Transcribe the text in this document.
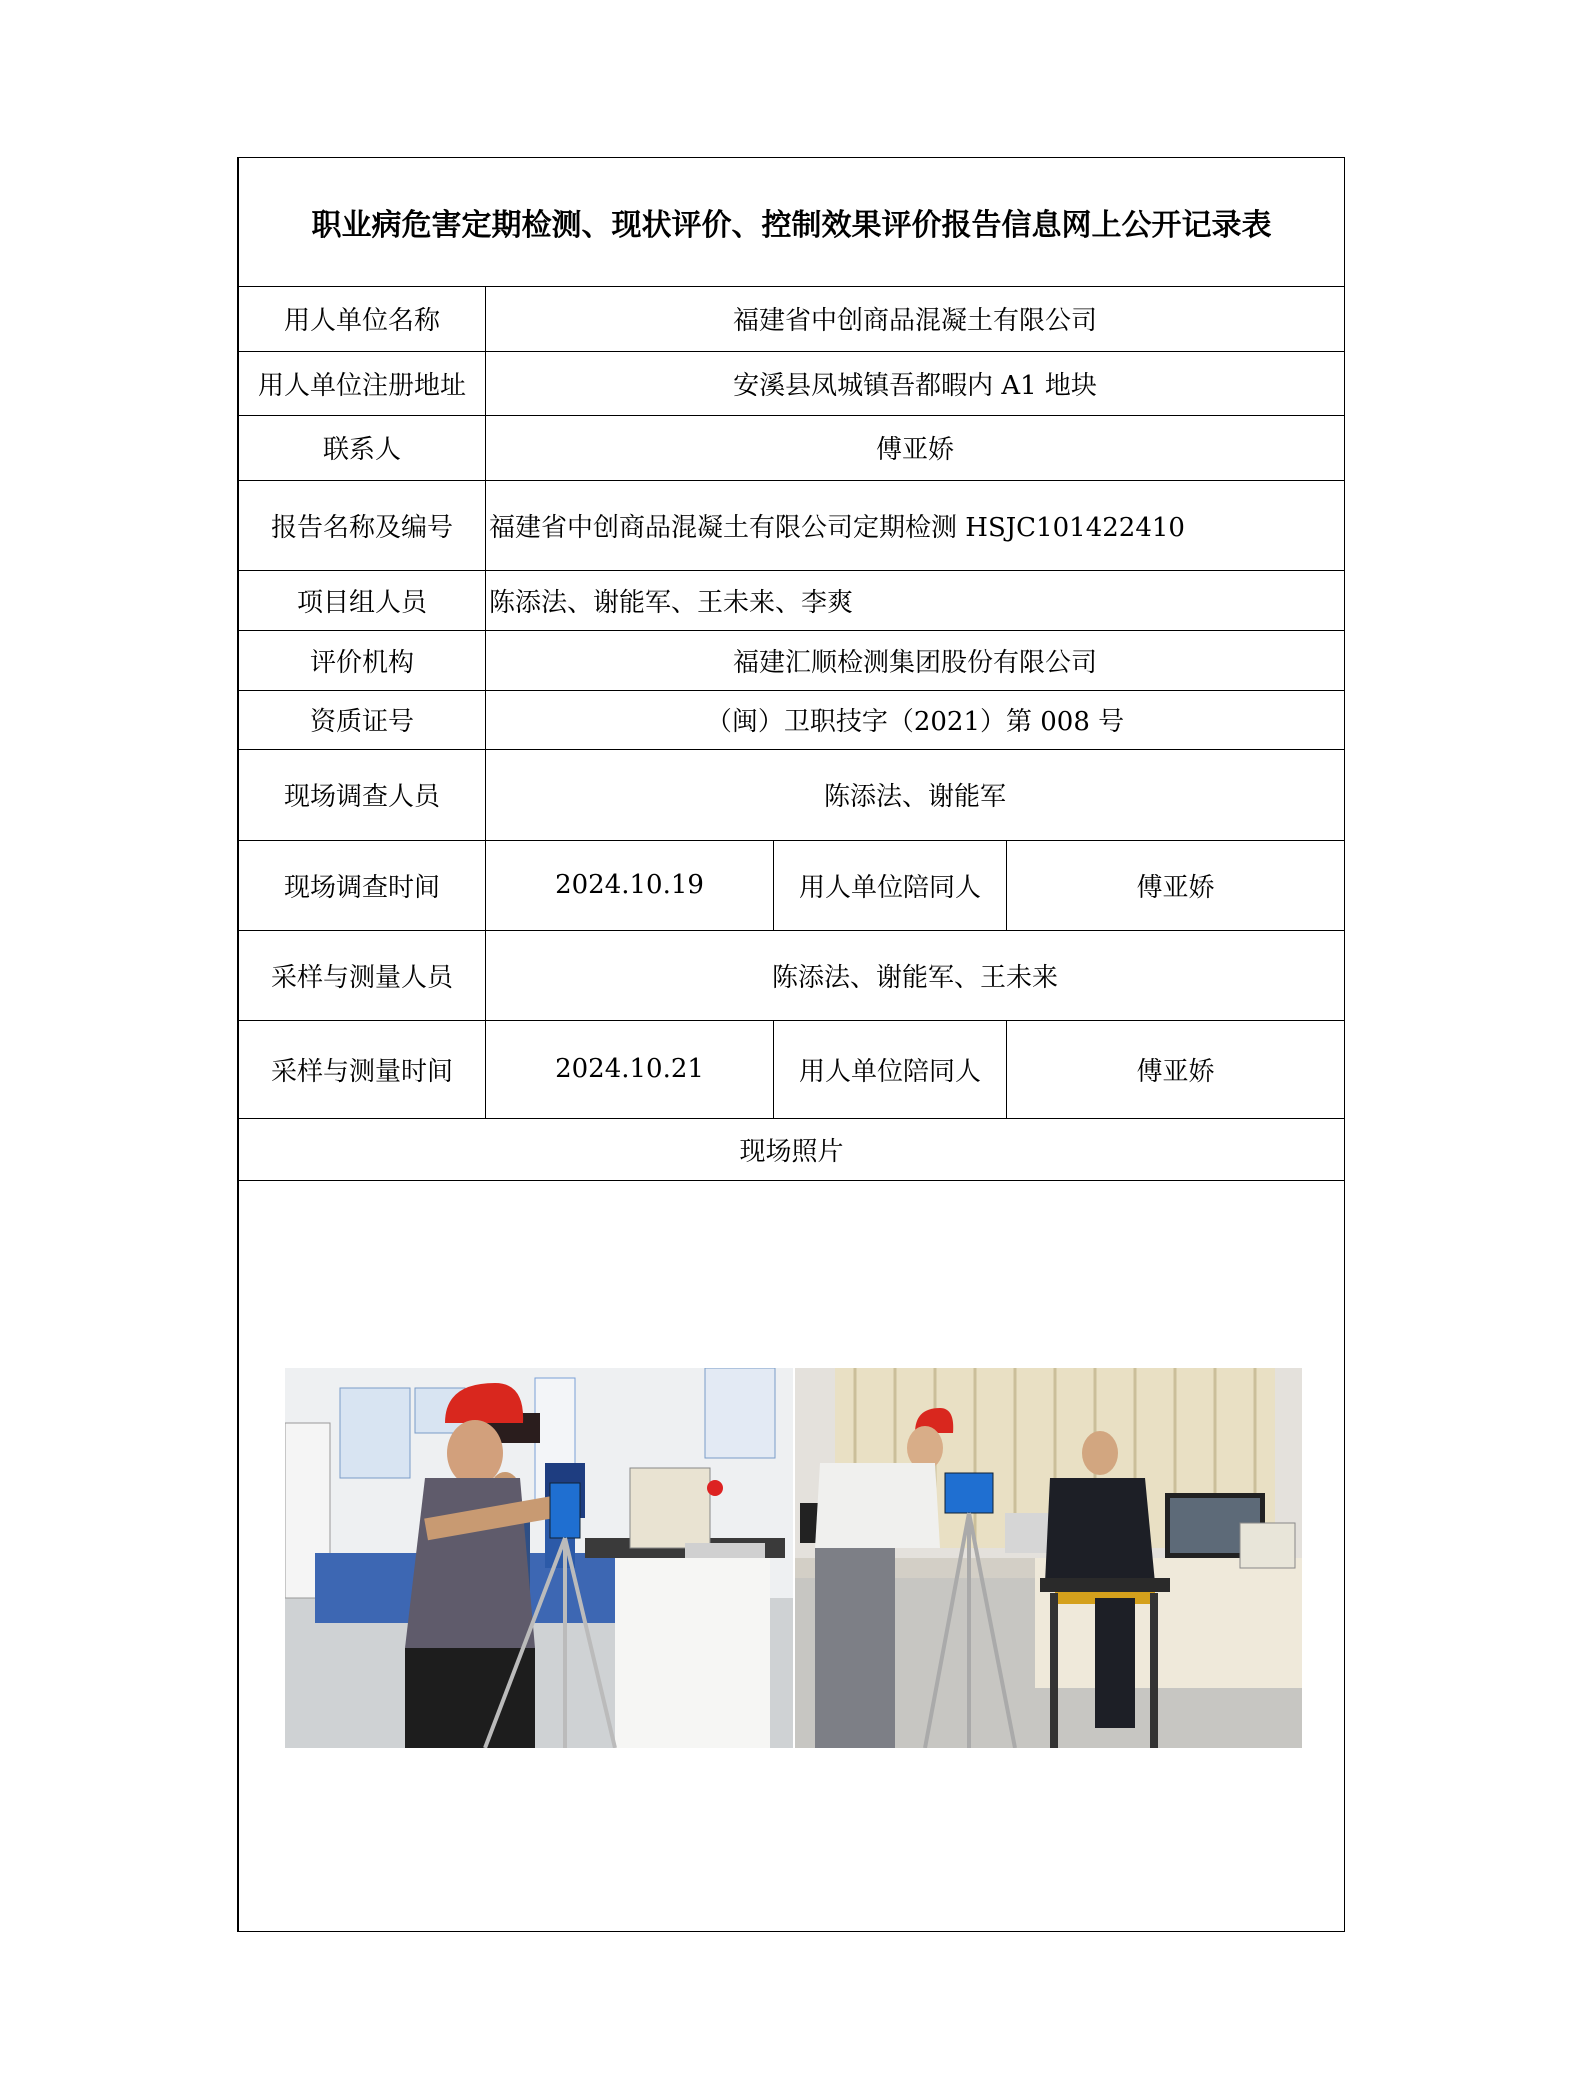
职业病危害定期检测、现状评价、控制效果评价报告信息网上公开记录表			
用人单位名称	福建省中创商品混凝土有限公司		
用人单位注册地址	安溪县凤城镇吾都暇内 A1 地块		
联系人	傅亚娇		
报告名称及编号	福建省中创商品混凝土有限公司定期检测 HSJC101422410		
项目组人员	陈添法、谢能军、王未来、李爽		
评价机构	福建汇顺检测集团股份有限公司		
资质证号	（闽）卫职技字（2021）第 008 号		
现场调查人员	陈添法、谢能军		
现场调查时间	2024.10.19	用人单位陪同人	傅亚娇
采样与测量人员	陈添法、谢能军、王未来		
采样与测量时间	2024.10.21	用人单位陪同人	傅亚娇
现场照片			
